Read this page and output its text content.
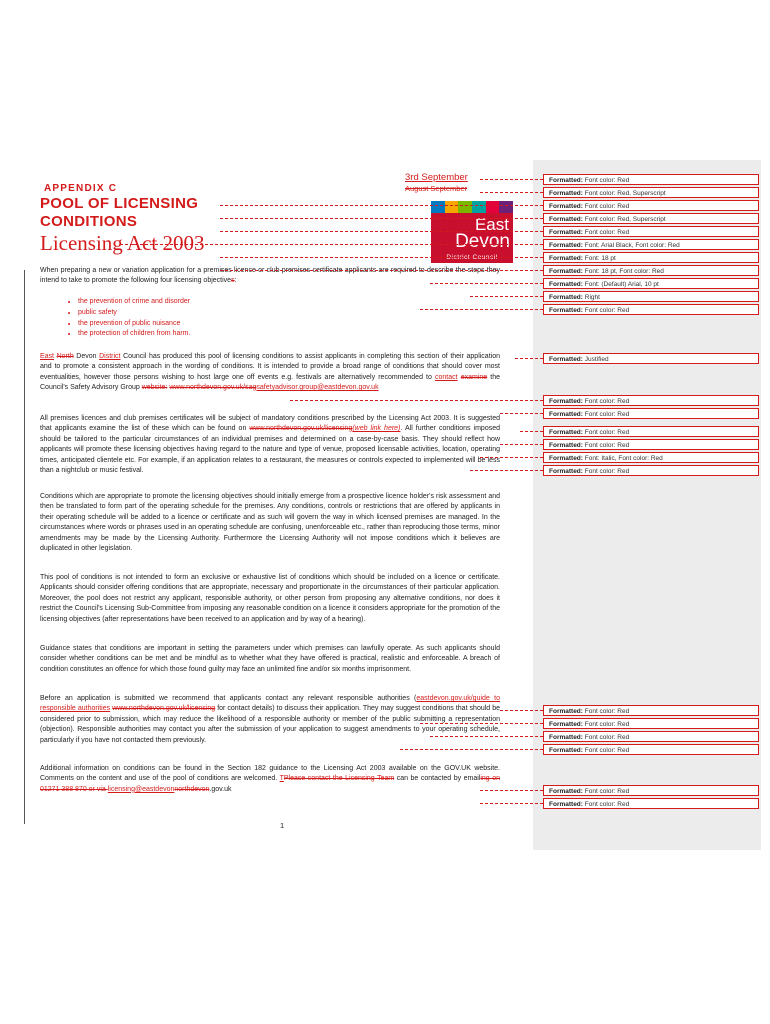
3rd September
August September
APPENDIX C
POOL OF LICENSING CONDITIONS
Licensing Act 2003
East
Devon
District Council
When preparing a new or variation application for a premises licence or club premises certificate applicants are required to describe the steps they intend to take to promote the following four licensing objectives:
• the prevention of crime and disorder
• public safety
• the prevention of public nuisance
• the protection of children from harm.
East North Devon District Council has produced this pool of licensing conditions to assist applicants in completing this section of their application and to promote a consistent approach in the wording of conditions. It is intended to provide a broad range of conditions that should cover most eventualities, however those persons wishing to host large one off events e.g. festivals are alternatively recommended to contact examine the Council's Safety Advisory Group website: www.northdevon.gov.uk/sagsafetyadvisor.group@eastdevon.gov.uk
All premises licences and club premises certificates will be subject of mandatory conditions prescribed by the Licensing Act 2003. It is suggested that applicants examine the list of these which can be found on www.northdevon.gov.uk/licensing(web link here). All further conditions imposed should be tailored to the particular circumstances of an individual premises and determined on a case-by-case basis. They should reflect how applicants will promote these licensing objectives having regard to the nature and type of venue, proposed licensable activities, location, operating times, anticipated clientele etc. For example, if an application relates to a restaurant, the measures or controls expected to implemented will be less than a nightclub or music festival.
Conditions which are appropriate to promote the licensing objectives should initially emerge from a prospective licence holder's risk assessment and then be translated to form part of the operating schedule for the premises. Any conditions, controls or restrictions that are offered by applicants in their operating schedule will be added to a licence or certificate and as such will govern the way in which licensed premises are managed. In the circumstances where words or phrases used in an operating schedule are confusing, unenforceable etc., rather than reproducing those terms, minor amendments may be made by the Licensing Authority. Furthermore the Licensing Authority will not impose conditions which it believes are duplicated in other legislation.
This pool of conditions is not intended to form an exclusive or exhaustive list of conditions which should be included on a licence or certificate. Applicants should consider offering conditions that are appropriate, necessary and proportionate in the circumstances of their particular application. Moreover, the pool does not restrict any applicant, responsible authority, or other person from proposing any alternative conditions, nor does it restrict the Council's Licensing Sub-Committee from imposing any reasonable condition on a licence it considers appropriate for the promotion of the licensing objectives (after representations have been received to an application and by way of a hearing).
Guidance states that conditions are important in setting the parameters under which premises can lawfully operate. As such applicants should consider whether conditions can be met and be mindful as to whether what they have offered is practical, realistic and enforceable. A breach of condition constitutes an offence for which those found guilty may face an unlimited fine and/or six months imprisonment.
Before an application is submitted we recommend that applicants contact any relevant responsible authorities (eastdevon.gov.uk/guide to responsible authorities www.northdevon.gov.uk/licensing for contact details) to discuss their application. They may suggest conditions that should be considered prior to submission, which may reduce the likelihood of a responsible authority or member of the public submitting a representation (objection). Responsible authorities may contact you after the submission of your application to suggest amendments to your operating schedule, particularly if you have not contacted them previously.
Additional information on conditions can be found in the Section 182 guidance to the Licensing Act 2003 available on the GOV.UK website. Comments on the content and use of the pool of conditions are welcomed. TPlease contact the Licensing Team can be contacted by emailing on 01271 388 870 or via licensing@eastdevonnorthdevon.gov.uk
1
Formatted: Font color: Red
Formatted: Font color: Red, Superscript
Formatted: Font color: Red
Formatted: Font color: Red, Superscript
Formatted: Font color: Red
Formatted: Font: Arial Black, Font color: Red
Formatted: Font: 18 pt
Formatted: Font: 18 pt, Font color: Red
Formatted: Font: (Default) Arial, 10 pt
Formatted: Right
Formatted: Font color: Red
Formatted: Justified
Formatted: Font color: Red
Formatted: Font color: Red
Formatted: Font color: Red
Formatted: Font color: Red
Formatted: Font: Italic, Font color: Red
Formatted: Font color: Red
Formatted: Font color: Red
Formatted: Font color: Red
Formatted: Font color: Red
Formatted: Font color: Red
Formatted: Font color: Red
Formatted: Font color: Red
